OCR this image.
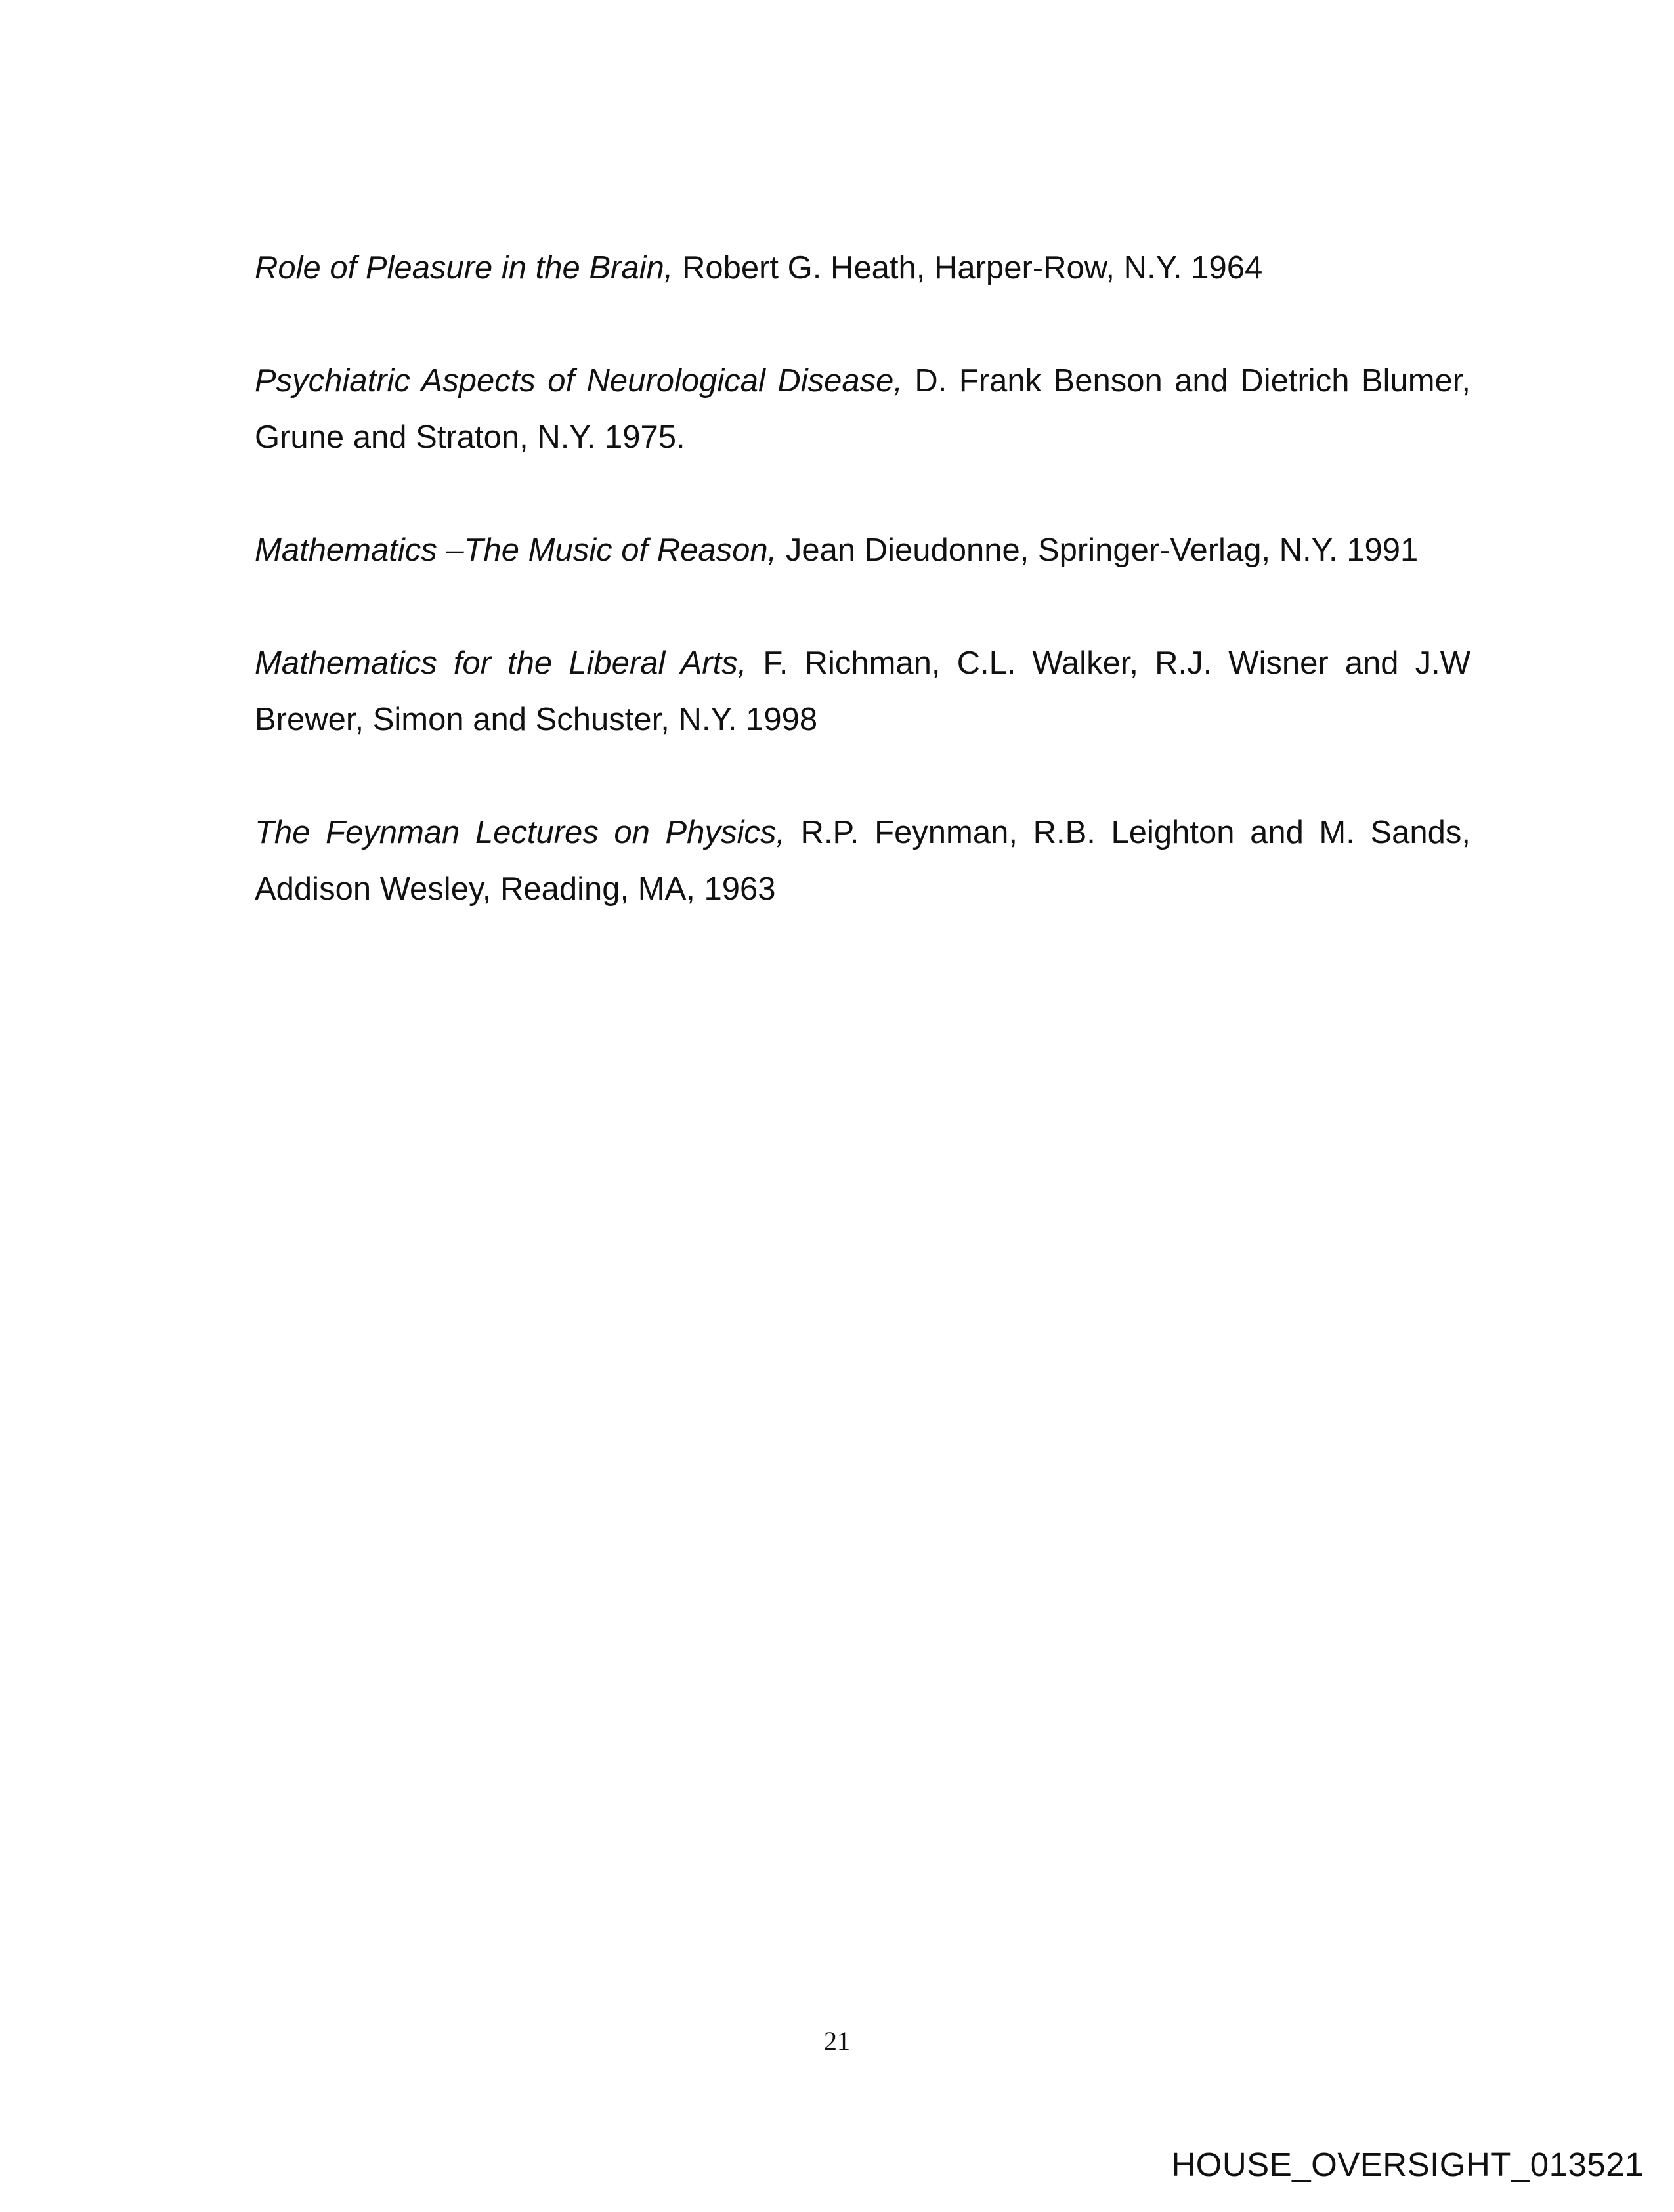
Role of Pleasure in the Brain, Robert G. Heath, Harper-Row, N.Y. 1964
Psychiatric Aspects of Neurological Disease, D. Frank Benson and Dietrich Blumer, Grune and Straton, N.Y. 1975.
Mathematics –The Music of Reason, Jean Dieudonne, Springer-Verlag, N.Y. 1991
Mathematics for the Liberal Arts, F. Richman, C.L. Walker, R.J. Wisner and J.W Brewer, Simon and Schuster, N.Y. 1998
The Feynman Lectures on Physics, R.P. Feynman, R.B. Leighton and M. Sands, Addison Wesley, Reading, MA, 1963
21
HOUSE_OVERSIGHT_013521
